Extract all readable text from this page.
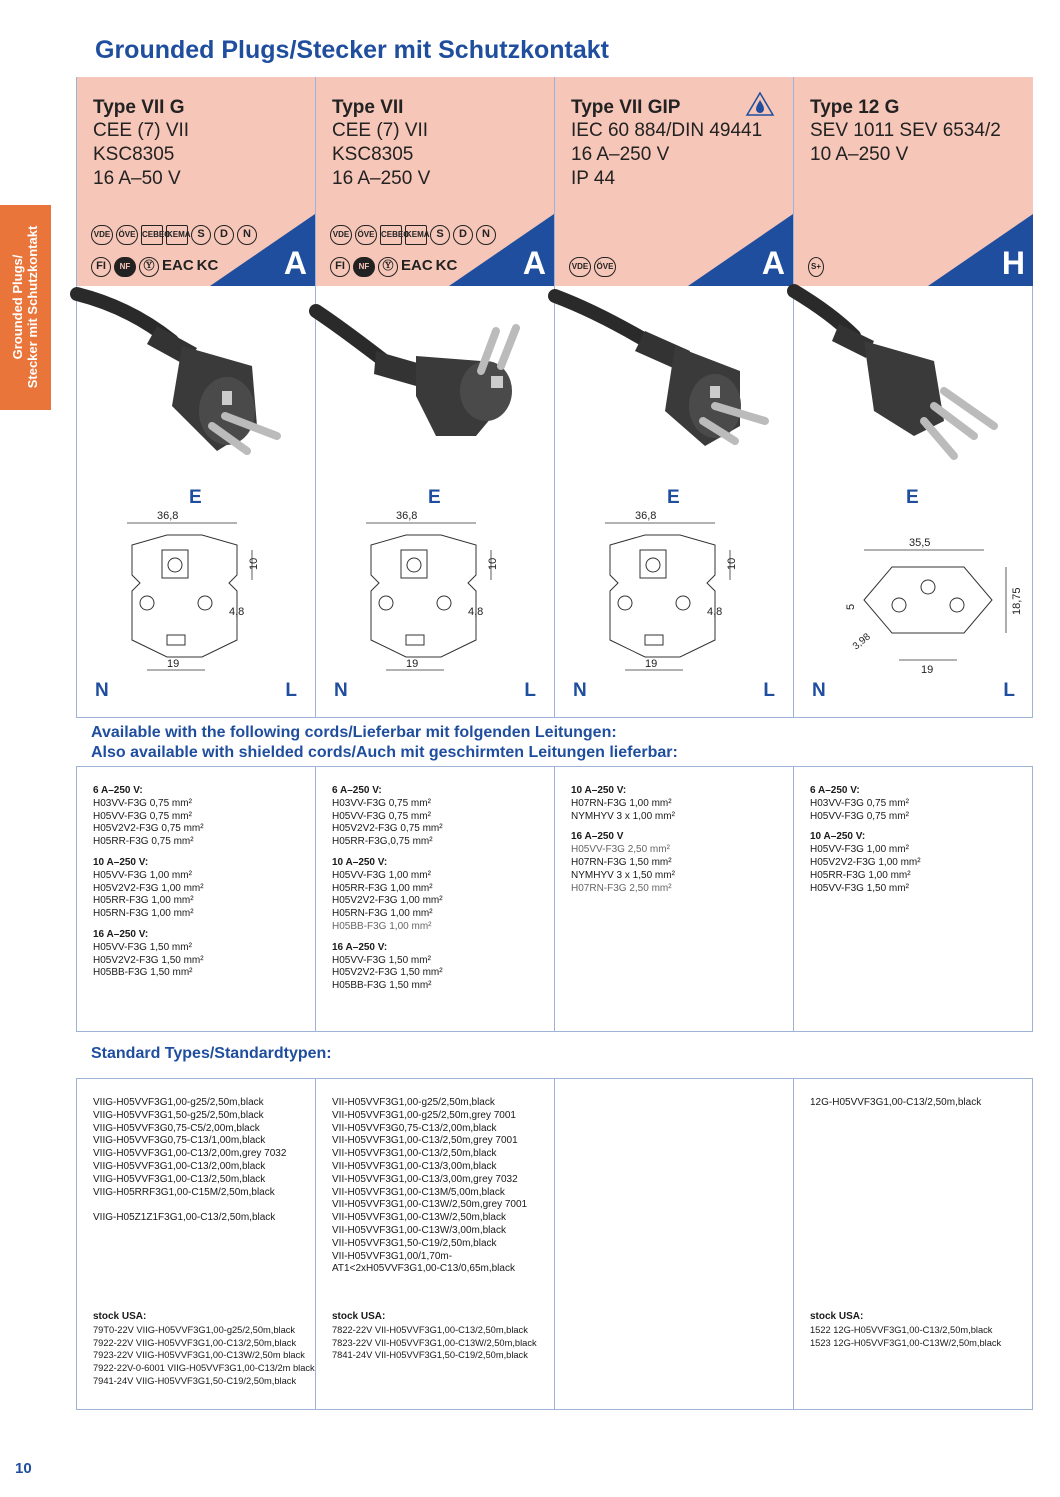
Grounded Plugs/Stecker mit Schutzkontakt
Grounded Plugs/ Stecker mit Schutzkontakt
Type VII G
CEE (7) VII
KSC8305
16 A–50 V
VDE	ÖVE CEBEC
KEMA S	D	N
FI	NF	Ⓨ EAC KC A
E
36,8
10
4,8
19
N	L
Type VII
CEE (7) VII
KSC8305
16 A–250 V
VDE	ÖVE CEBEC
KEMA S	D	N
FI	NF	Ⓨ EAC KC A
E
36,8
10
4,8
19
N	L
Type VII GIP
IEC 60 884/DIN 49441
16 A–250 V
IP 44
VDE	ÖVE	A
E
36,8
10
4,8
19
N	L
Type 12 G
SEV 1011 SEV 6534/2
10 A–250 V
S+	H
E
35,5
5
3,98
19
18,75
N	L
Available with the following cords/Lieferbar mit folgenden Leitungen:
Also available with shielded cords/Auch mit geschirmten Leitungen lieferbar:
6 A–250 V:
H03VV-F3G 0,75 mm²
H05VV-F3G 0,75 mm²
H05V2V2-F3G 0,75 mm²
H05RR-F3G 0,75 mm²
10 A–250 V:
H05VV-F3G 1,00 mm²
H05V2V2-F3G 1,00 mm²
H05RR-F3G 1,00 mm²
H05RN-F3G 1,00 mm²
16 A–250 V:
H05VV-F3G 1,50 mm²
H05V2V2-F3G 1,50 mm²
H05BB-F3G 1,50 mm²
6 A–250 V:
H03VV-F3G 0,75 mm²
H05VV-F3G 0,75 mm²
H05V2V2-F3G 0,75 mm²
H05RR-F3G,0,75 mm²
10 A–250 V:
H05VV-F3G 1,00 mm²
H05RR-F3G 1,00 mm²
H05V2V2-F3G 1,00 mm²
H05RN-F3G 1,00 mm²
H05BB-F3G 1,00 mm²
16 A–250 V:
H05VV-F3G 1,50 mm²
H05V2V2-F3G 1,50 mm²
H05BB-F3G 1,50 mm²
10 A–250 V:
H07RN-F3G 1,00 mm²
NYMHYV 3 x 1,00 mm²
16 A–250 V
H05VV-F3G 2,50 mm²
H07RN-F3G 1,50 mm²
NYMHYV 3 x 1,50 mm²
H07RN-F3G 2,50 mm²
6 A–250 V:
H03VV-F3G 0,75 mm²
H05VV-F3G 0,75 mm²
10 A–250 V:
H05VV-F3G 1,00 mm²
H05V2V2-F3G 1,00 mm²
H05RR-F3G 1,00 mm²
H05VV-F3G 1,50 mm²
Standard Types/Standardtypen:
VIIG-H05VVF3G1,00-g25/2,50m,black
VIIG-H05VVF3G1,50-g25/2,50m,black
VIIG-H05VVF3G0,75-C5/2,00m,black
VIIG-H05VVF3G0,75-C13/1,00m,black
VIIG-H05VVF3G1,00-C13/2,00m,grey 7032
VIIG-H05VVF3G1,00-C13/2,00m,black
VIIG-H05VVF3G1,00-C13/2,50m,black
VIIG-H05RRF3G1,00-C15M/2,50m,black
VIIG-H05Z1Z1F3G1,00-C13/2,50m,black
stock USA:
79T0-22V VIIG-H05VVF3G1,00-g25/2,50m,black
7922-22V VIIG-H05VVF3G1,00-C13/2,50m,black
7923-22V VIIG-H05VVF3G1,00-C13W/2,50m black
7922-22V-0-6001 VIIG-H05VVF3G1,00-C13/2m black
7941-24V VIIG-H05VVF3G1,50-C19/2,50m,black
VII-H05VVF3G1,00-g25/2,50m,black
VII-H05VVF3G1,00-g25/2,50m,grey 7001
VII-H05VVF3G0,75-C13/2,00m,black
VII-H05VVF3G1,00-C13/2,50m,grey 7001
VII-H05VVF3G1,00-C13/2,50m,black
VII-H05VVF3G1,00-C13/3,00m,black
VII-H05VVF3G1,00-C13/3,00m,grey 7032
VII-H05VVF3G1,00-C13M/5,00m,black
VII-H05VVF3G1,00-C13W/2,50m,grey 7001
VII-H05VVF3G1,00-C13W/2,50m,black
VII-H05VVF3G1,00-C13W/3,00m,black
VII-H05VVF3G1,50-C19/2,50m,black
VII-H05VVF3G1,00/1,70m-
AT1<2xH05VVF3G1,00-C13/0,65m,black
stock USA:
7822-22V VII-H05VVF3G1,00-C13/2,50m,black
7823-22V VII-H05VVF3G1,00-C13W/2,50m,black
7841-24V VII-H05VVF3G1,50-C19/2,50m,black
12G-H05VVF3G1,00-C13/2,50m,black
stock USA:
1522 12G-H05VVF3G1,00-C13/2,50m,black
1523 12G-H05VVF3G1,00-C13W/2,50m,black
10
